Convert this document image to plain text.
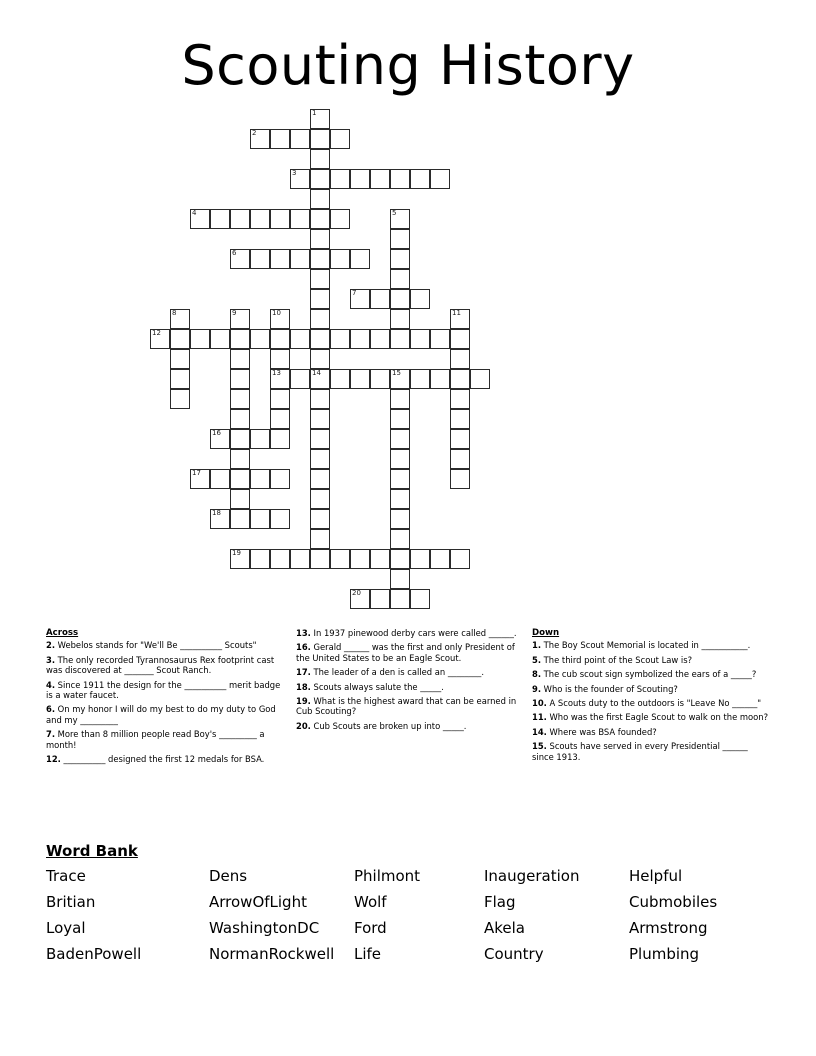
Scouting History
1
14
2
3
4	5
6
7
8	9	10
13
11
12
15
16
17
18
19
20
Across
2. Webelos stands for "We'll Be __________ Scouts"
3. The only recorded Tyrannosaurus Rex footprint cast was discovered at _______ Scout Ranch.
4. Since 1911 the design for the __________ merit badge is a water faucet.
6. On my honor I will do my best to do my duty to God and my _________
7. More than 8 million people read Boy's _________ a month!
12. __________ designed the first 12 medals for BSA.
13. In 1937 pinewood derby cars were called ______.
16. Gerald ______ was the first and only President of the United States to be an Eagle Scout.
17. The leader of a den is called an ________.
18. Scouts always salute the _____.
19. What is the highest award that can be earned in Cub Scouting?
20. Cub Scouts are broken up into _____.
Down
1. The Boy Scout Memorial is located in ___________.
5. The third point of the Scout Law is?
8. The cub scout sign symbolized the ears of a _____?
9. Who is the founder of Scouting?
10. A Scouts duty to the outdoors is "Leave No ______"
11. Who was the first Eagle Scout to walk on the moon?
14. Where was BSA founded?
15. Scouts have served in every Presidential ______ since 1913.
Word Bank
Trace	Dens	Philmont	Inaugeration	Helpful
Britian	ArrowOfLight	Wolf	Flag	Cubmobiles
Loyal	WashingtonDC	Ford	Akela	Armstrong
BadenPowell	NormanRockwell	Life	Country	Plumbing
